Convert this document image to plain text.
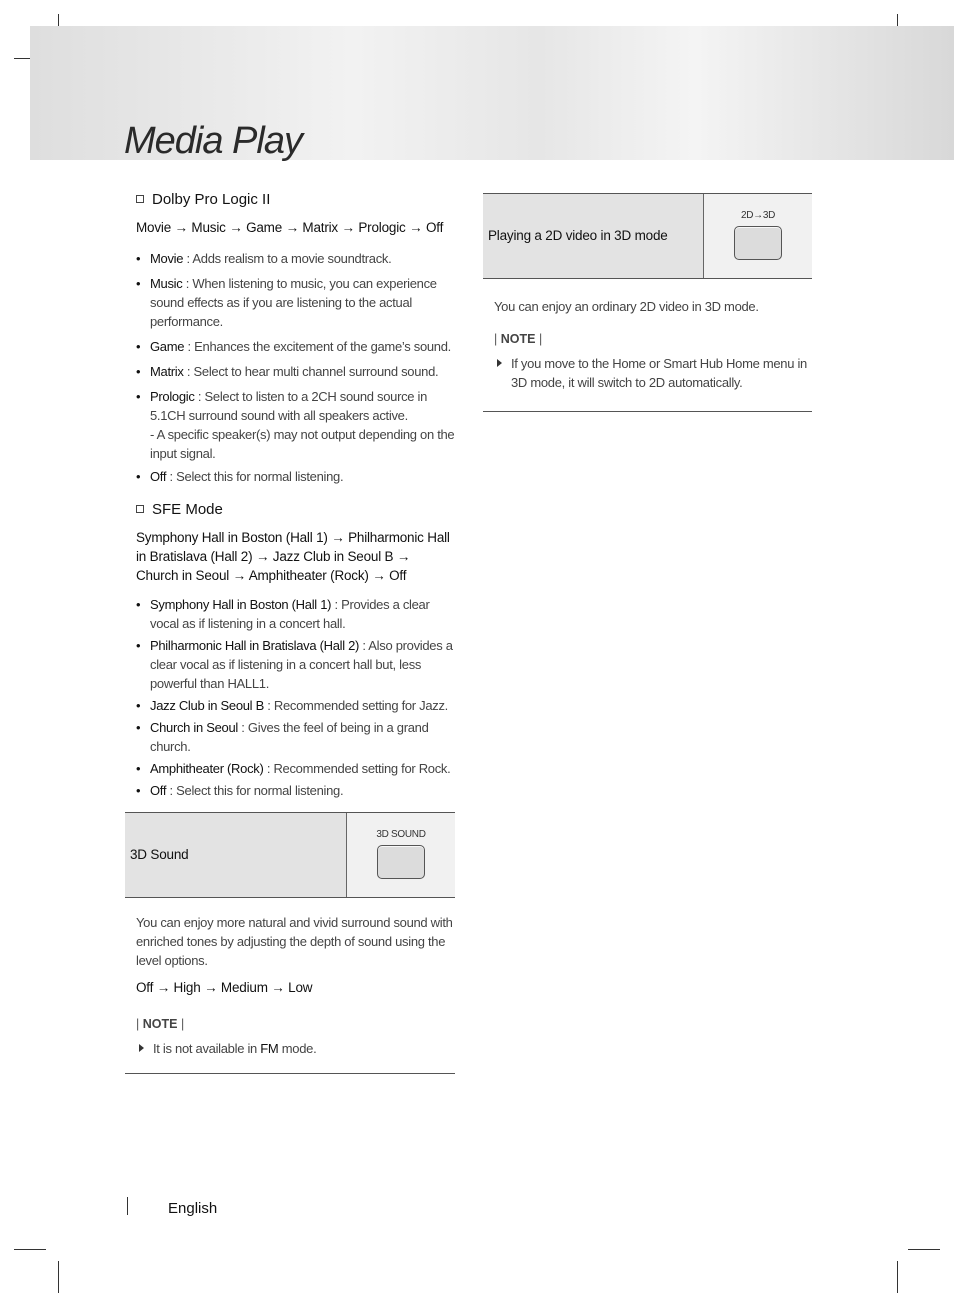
Media Play
Dolby Pro Logic II
Movie → Music → Game → Matrix → Prologic → Off
• Movie : Adds realism to a movie soundtrack.
• Music : When listening to music, you can experience sound effects as if you are listening to the actual performance.
• Game : Enhances the excitement of the game’s sound.
• Matrix : Select to hear multi channel surround sound.
• Prologic : Select to listen to a 2CH sound source in 5.1CH surround sound with all speakers active.
- A specific speaker(s) may not output depending on the input signal.
• Off : Select this for normal listening.
SFE Mode
Symphony Hall in Boston (Hall 1) → Philharmonic Hall in Bratislava (Hall 2) → Jazz Club in Seoul B → Church in Seoul → Amphitheater (Rock) → Off
• Symphony Hall in Boston (Hall 1) : Provides a clear vocal as if listening in a concert hall.
• Philharmonic Hall in Bratislava (Hall 2) : Also provides a clear vocal as if listening in a concert hall but, less powerful than HALL1.
• Jazz Club in Seoul B : Recommended setting for Jazz.
• Church in Seoul : Gives the feel of being in a grand church.
• Amphitheater (Rock) : Recommended setting for Rock.
• Off : Select this for normal listening.
3D Sound
3D SOUND
You can enjoy more natural and vivid surround sound with enriched tones by adjusting the depth of sound using the level options.
Off → High → Medium → Low
| NOTE |
It is not available in FM mode.
Playing a 2D video in 3D mode
2D→3D
You can enjoy an ordinary 2D video in 3D mode.
| NOTE |
If you move to the Home or Smart Hub Home menu in 3D mode, it will switch to 2D automatically.
English
